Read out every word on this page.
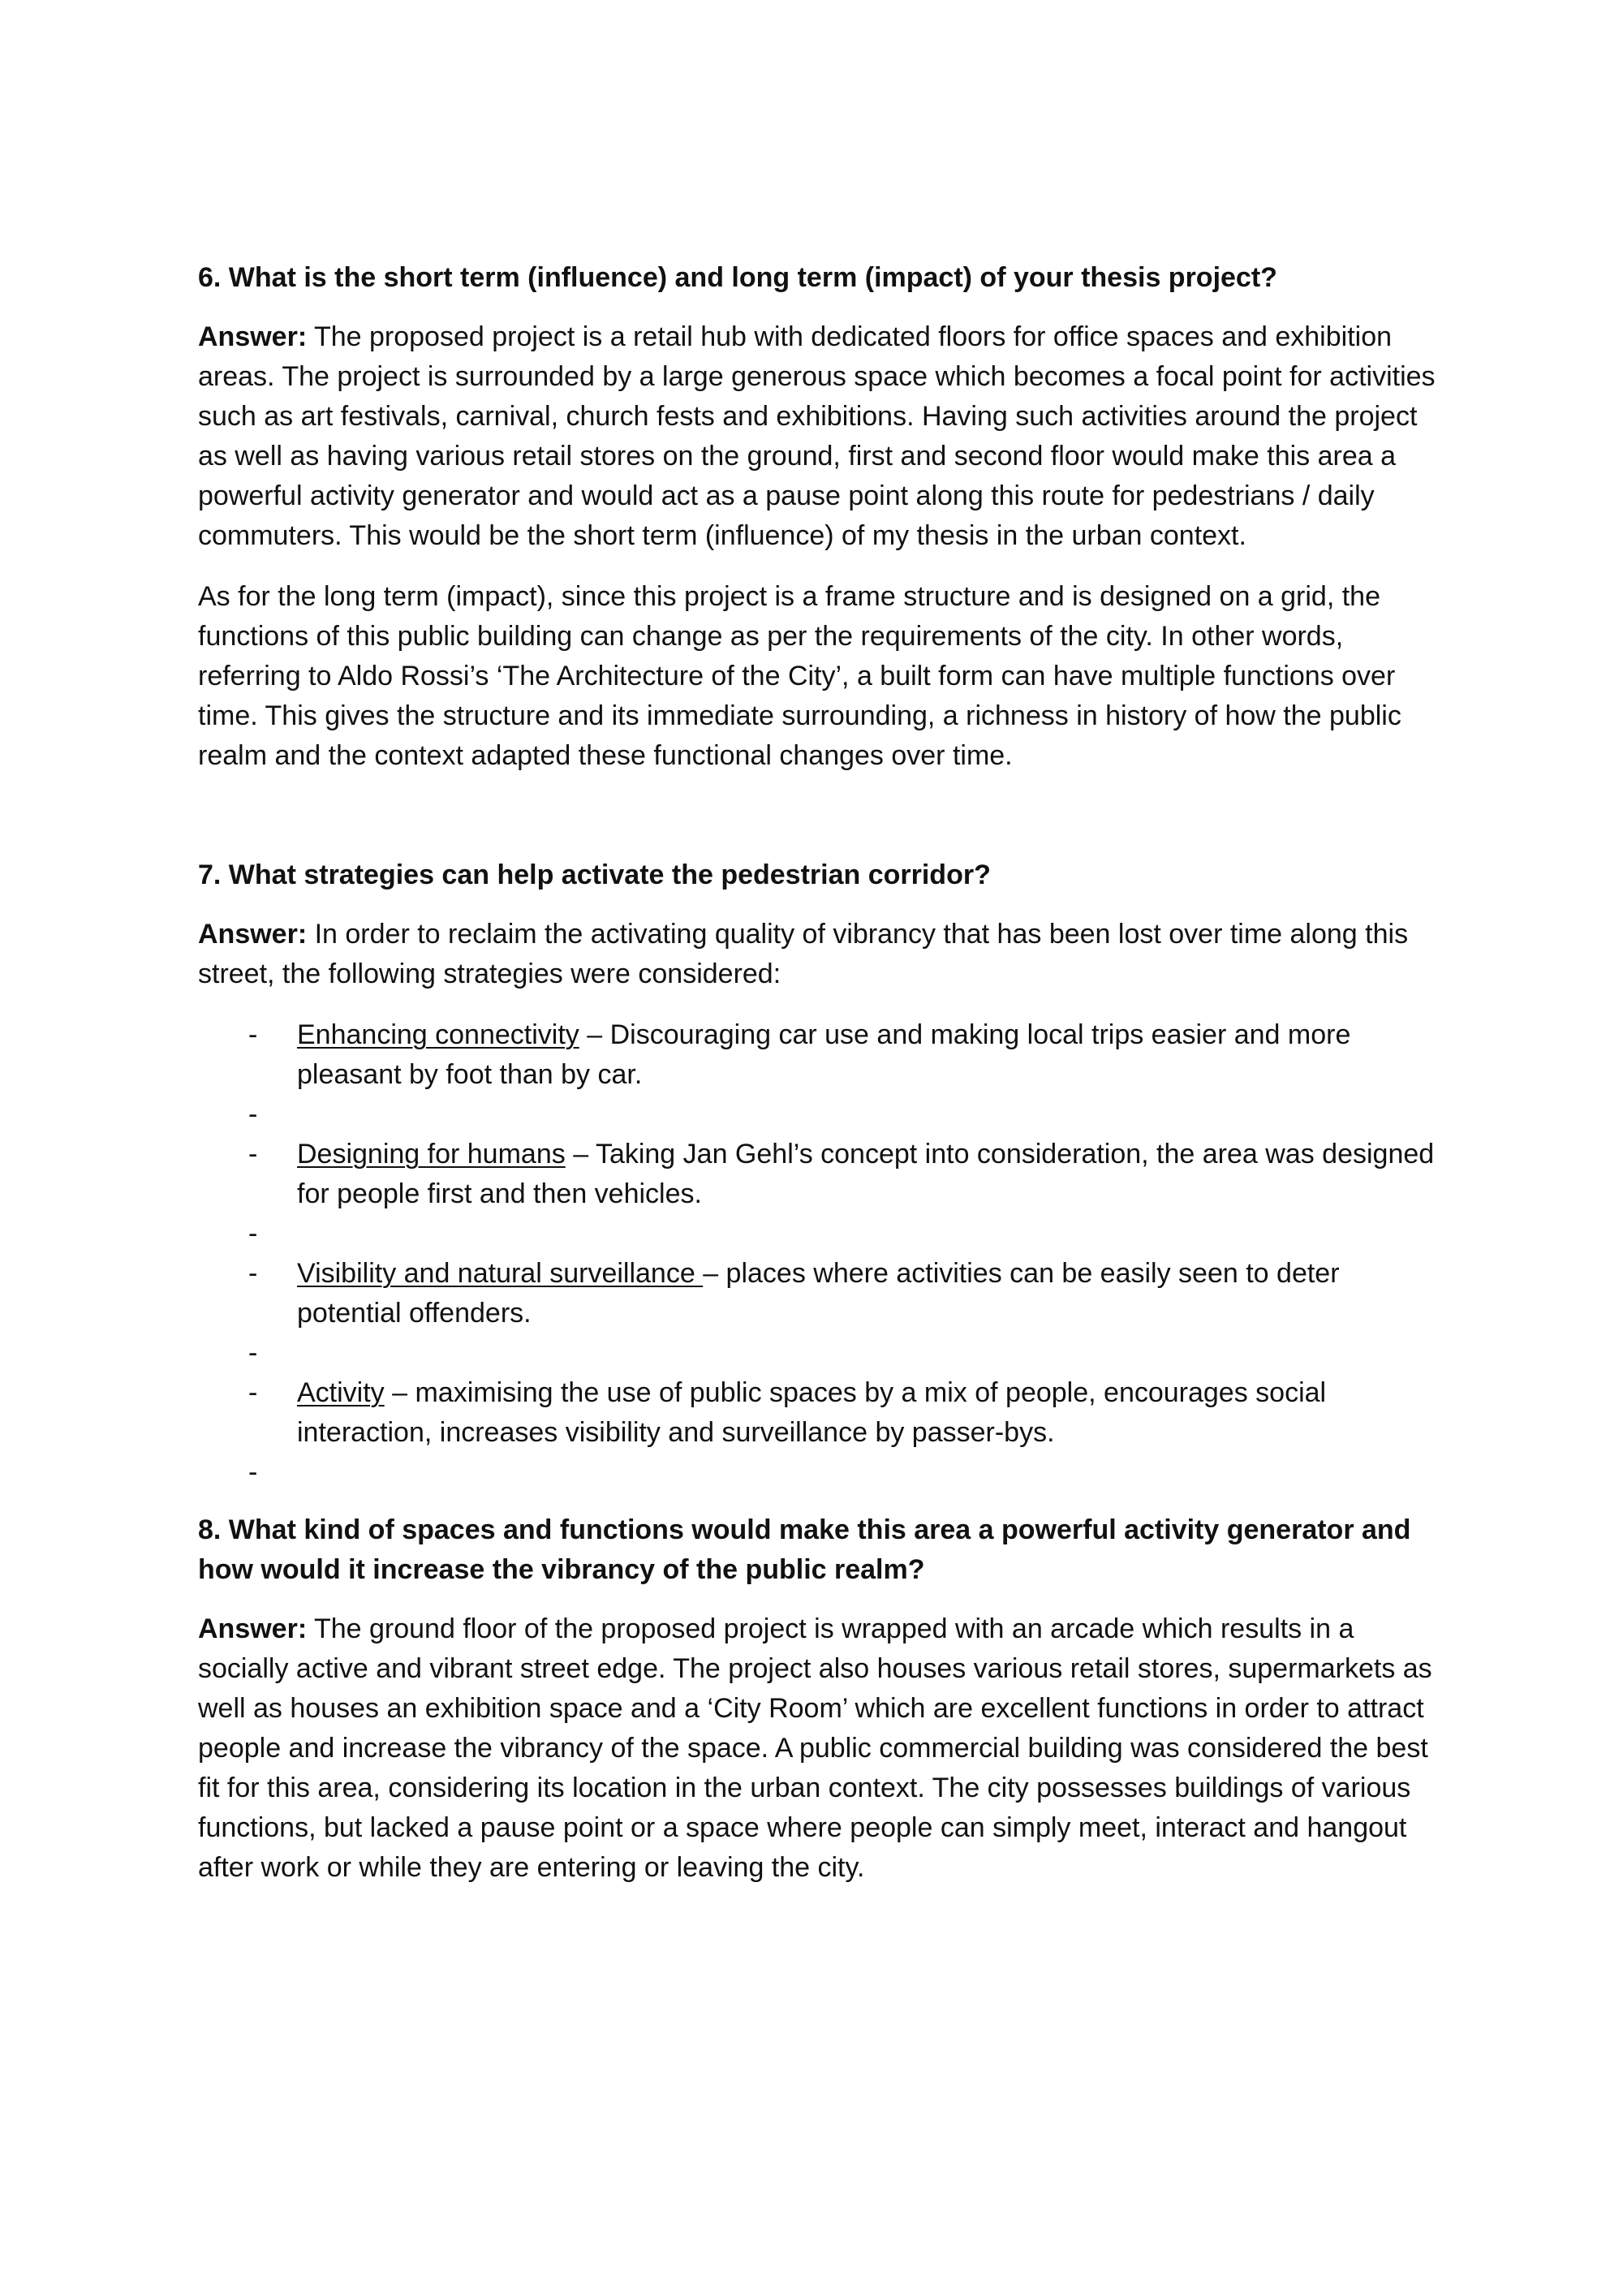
6. What is the short term (influence) and long term (impact) of your thesis project?

Answer: The proposed project is a retail hub with dedicated floors for office spaces and exhibition areas. The project is surrounded by a large generous space which becomes a focal point for activities such as art festivals, carnival, church fests and exhibitions. Having such activities around the project as well as having various retail stores on the ground, first and second floor would make this area a powerful activity generator and would act as a pause point along this route for pedestrians / daily commuters. This would be the short term (influence) of my thesis in the urban context.

As for the long term (impact), since this project is a frame structure and is designed on a grid, the functions of this public building can change as per the requirements of the city. In other words, referring to Aldo Rossi’s ‘The Architecture of the City’, a built form can have multiple functions over time. This gives the structure and its immediate surrounding, a richness in history of how the public realm and the context adapted these functional changes over time.

7. What strategies can help activate the pedestrian corridor?

Answer: In order to reclaim the activating quality of vibrancy that has been lost over time along this street, the following strategies were considered:

- Enhancing connectivity – Discouraging car use and making local trips easier and more pleasant by foot than by car.
-
- Designing for humans – Taking Jan Gehl’s concept into consideration, the area was designed for people first and then vehicles.
-
- Visibility and natural surveillance – places where activities can be easily seen to deter potential offenders.
-
- Activity – maximising the use of public spaces by a mix of people, encourages social interaction, increases visibility and surveillance by passer-bys.
-

8. What kind of spaces and functions would make this area a powerful activity generator and how would it increase the vibrancy of the public realm?

Answer: The ground floor of the proposed project is wrapped with an arcade which results in a socially active and vibrant street edge. The project also houses various retail stores, supermarkets as well as houses an exhibition space and a ‘City Room’ which are excellent functions in order to attract people and increase the vibrancy of the space. A public commercial building was considered the best fit for this area, considering its location in the urban context. The city possesses buildings of various functions, but lacked a pause point or a space where people can simply meet, interact and hangout after work or while they are entering or leaving the city.
